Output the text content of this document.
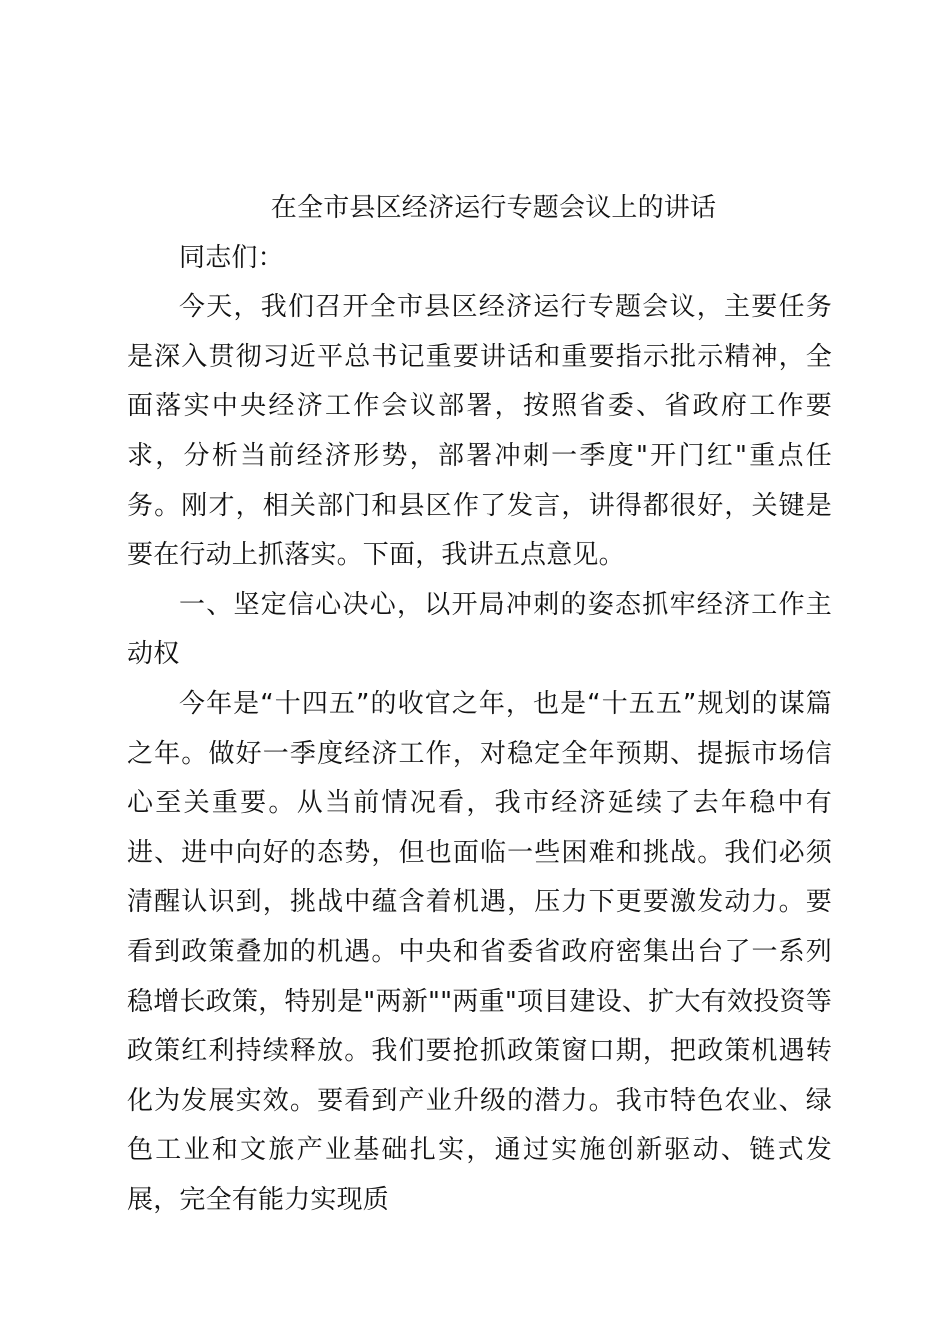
在全市县区经济运行专题会议上的讲话

同志们：

今天，我们召开全市县区经济运行专题会议，主要任务是深入贯彻习近平总书记重要讲话和重要指示批示精神，全面落实中央经济工作会议部署，按照省委、省政府工作要求，分析当前经济形势，部署冲刺一季度"开门红"重点任务。刚才，相关部门和县区作了发言，讲得都很好，关键是要在行动上抓落实。下面，我讲五点意见。

一、坚定信心决心，以开局冲刺的姿态抓牢经济工作主动权

今年是“十四五”的收官之年，也是“十五五”规划的谋篇之年。做好一季度经济工作，对稳定全年预期、提振市场信心至关重要。从当前情况看，我市经济延续了去年稳中有进、进中向好的态势，但也面临一些困难和挑战。我们必须清醒认识到，挑战中蕴含着机遇，压力下更要激发动力。要看到政策叠加的机遇。中央和省委省政府密集出台了一系列稳增长政策，特别是"两新""两重"项目建设、扩大有效投资等政策红利持续释放。我们要抢抓政策窗口期，把政策机遇转化为发展实效。要看到产业升级的潜力。我市特色农业、绿色工业和文旅产业基础扎实，通过实施创新驱动、链式发展，完全有能力实现质
